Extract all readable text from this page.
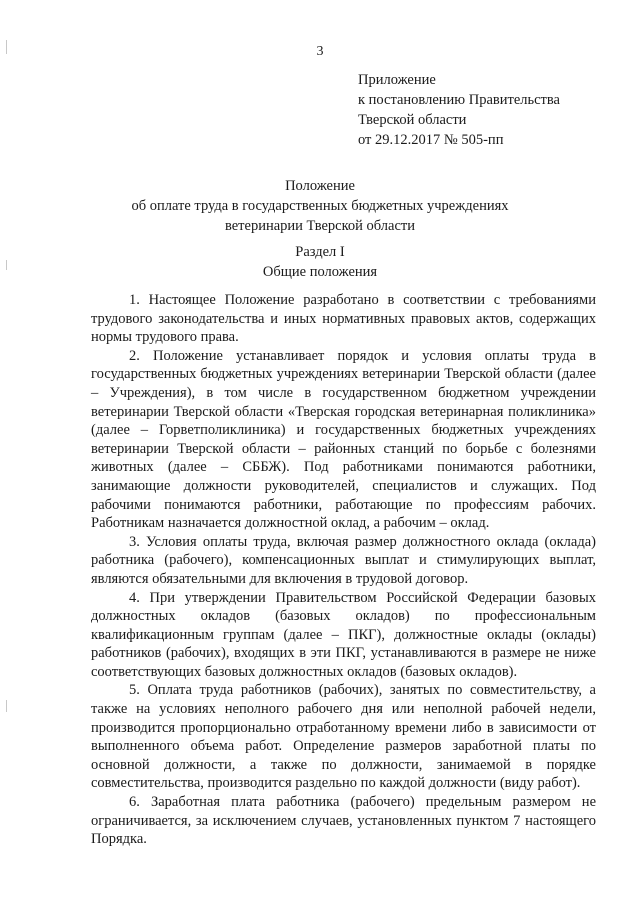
3
Приложение
к постановлению Правительства
Тверской области
от 29.12.2017 № 505-пп
Положение
об оплате труда в государственных бюджетных учреждениях
ветеринарии Тверской области
Раздел I
Общие положения

1. Настоящее Положение разработано в соответствии с требованиями трудового законодательства и иных нормативных правовых актов, содержащих нормы трудового права.

2. Положение устанавливает порядок и условия оплаты труда в государственных бюджетных учреждениях ветеринарии Тверской области (далее – Учреждения), в том числе в государственном бюджетном учреждении ветеринарии Тверской области «Тверская городская ветеринарная поликлиника» (далее – Горветполиклиника) и государственных бюджетных учреждениях ветеринарии Тверской области – районных станций по борьбе с болезнями животных (далее – СББЖ). Под работниками понимаются работники, занимающие должности руководителей, специалистов и служащих. Под рабочими понимаются работники, работающие по профессиям рабочих. Работникам назначается должностной оклад, а рабочим – оклад.

3. Условия оплаты труда, включая размер должностного оклада (оклада) работника (рабочего), компенсационных выплат и стимулирующих выплат, являются обязательными для включения в трудовой договор.

4. При утверждении Правительством Российской Федерации базовых должностных окладов (базовых окладов) по профессиональным квалификационным группам (далее – ПКГ), должностные оклады (оклады) работников (рабочих), входящих в эти ПКГ, устанавливаются в размере не ниже соответствующих базовых должностных окладов (базовых окладов).

5. Оплата труда работников (рабочих), занятых по совместительству, а также на условиях неполного рабочего дня или неполной рабочей недели, производится пропорционально отработанному времени либо в зависимости от выполненного объема работ. Определение размеров заработной платы по основной должности, а также по должности, занимаемой в порядке совместительства, производится раздельно по каждой должности (виду работ).

6. Заработная плата работника (рабочего) предельным размером не ограничивается, за исключением случаев, установленных пунктом 7 настоящего Порядка.
